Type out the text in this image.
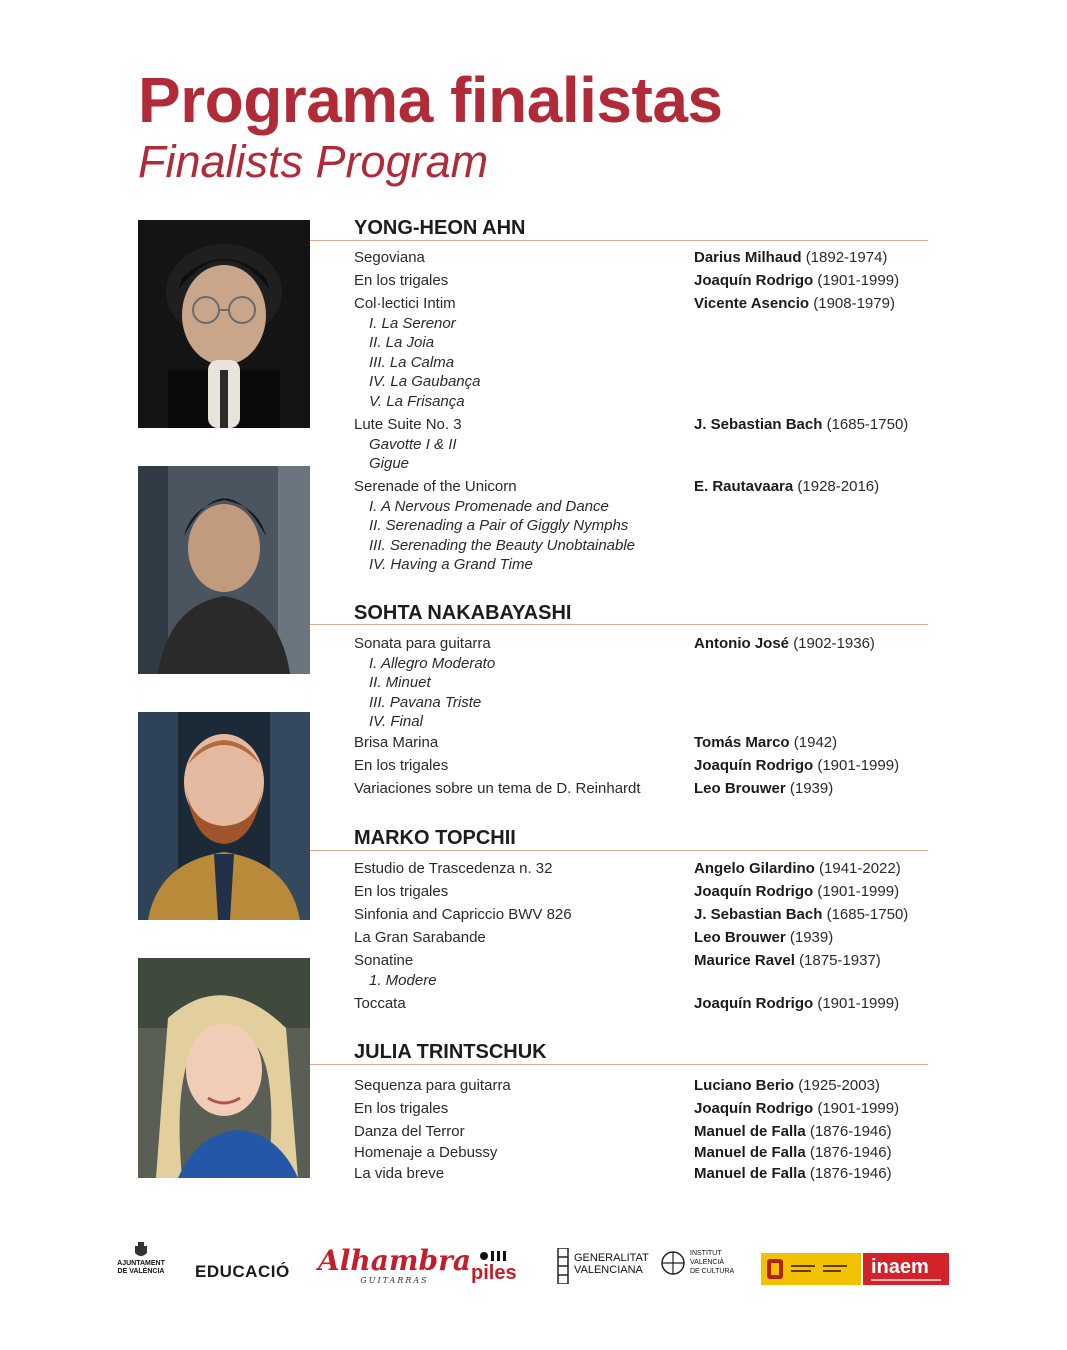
Programa finalistas
Finalists Program
YONG-HEON AHN
Segoviana	Darius Milhaud (1892-1974)
En los trigales	Joaquín Rodrigo (1901-1999)
Col·lectici Intim	Vicente Asencio (1908-1979)
I. La Serenor
II. La Joia
III. La Calma
IV. La Gaubança
V. La Frisança
Lute Suite No. 3	J. Sebastian Bach (1685-1750)
Gavotte I & II
Gigue
Serenade of the Unicorn	E. Rautavaara (1928-2016)
I. A Nervous Promenade and Dance
II. Serenading a Pair of Giggly Nymphs
III. Serenading the Beauty Unobtainable
IV. Having a Grand Time
SOHTA NAKABAYASHI
Sonata para guitarra	Antonio José (1902-1936)
I. Allegro Moderato
II. Minuet
III. Pavana Triste
IV. Final
Brisa Marina	Tomás Marco (1942)
En los trigales	Joaquín Rodrigo (1901-1999)
Variaciones sobre un tema de D. Reinhardt	Leo Brouwer (1939)
MARKO TOPCHII
Estudio de Trascedenza n. 32	Angelo Gilardino (1941-2022)
En los trigales	Joaquín Rodrigo (1901-1999)
Sinfonia and Capriccio BWV 826	J. Sebastian Bach (1685-1750)
La Gran Sarabande	Leo Brouwer (1939)
Sonatine	Maurice Ravel (1875-1937)
1. Modere
Toccata	Joaquín Rodrigo (1901-1999)
JULIA TRINTSCHUK
Sequenza para guitarra	Luciano Berio (1925-2003)
En los trigales	Joaquín Rodrigo (1901-1999)
Danza del Terror	Manuel de Falla (1876-1946)
Homenaje a Debussy	Manuel de Falla (1876-1946)
La vida breve	Manuel de Falla (1876-1946)
AJUNTAMENT
DE VALÈNCIA EDUCACIÓ Alhambra
GUITARRAS	piles
GENERALITAT
VALENCIANA
INSTITUT
VALENCIÀ
DE CULTURA	inaem
